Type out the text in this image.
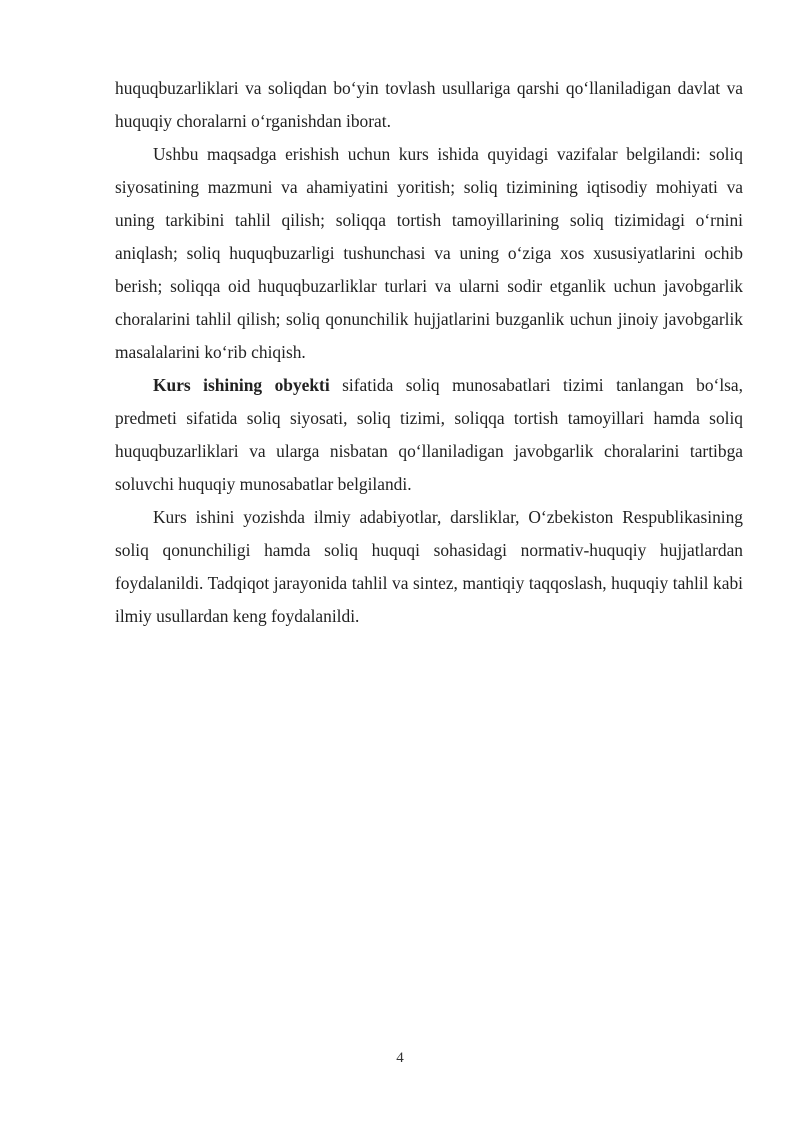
huquqbuzarliklari va soliqdan bo‘yin tovlash usullariga qarshi qo‘llaniladigan davlat va huquqiy choralarni o‘rganishdan iborat.

Ushbu maqsadga erishish uchun kurs ishida quyidagi vazifalar belgilandi: soliq siyosatining mazmuni va ahamiyatini yoritish; soliq tizimining iqtisodiy mohiyati va uning tarkibini tahlil qilish; soliqqa tortish tamoyillarining soliq tizimidagi o‘rnini aniqlash; soliq huquqbuzarligi tushunchasi va uning o‘ziga xos xususiyatlarini ochib berish; soliqqa oid huquqbuzarliklar turlari va ularni sodir etganlik uchun javobgarlik choralarini tahlil qilish; soliq qonunchilik hujjatlarini buzganlik uchun jinoiy javobgarlik masalalarini ko‘rib chiqish.

Kurs ishining obyekti sifatida soliq munosabatlari tizimi tanlangan bo‘lsa, predmeti sifatida soliq siyosati, soliq tizimi, soliqqa tortish tamoyillari hamda soliq huquqbuzarliklari va ularga nisbatan qo‘llaniladigan javobgarlik choralarini tartibga soluvchi huquqiy munosabatlar belgilandi.

Kurs ishini yozishda ilmiy adabiyotlar, darsliklar, O‘zbekiston Respublikasining soliq qonunchiligi hamda soliq huquqi sohasidagi normativ-huquqiy hujjatlardan foydalanildi. Tadqiqot jarayonida tahlil va sintez, mantiqiy taqqoslash, huquqiy tahlil kabi ilmiy usullardan keng foydalanildi.

4
